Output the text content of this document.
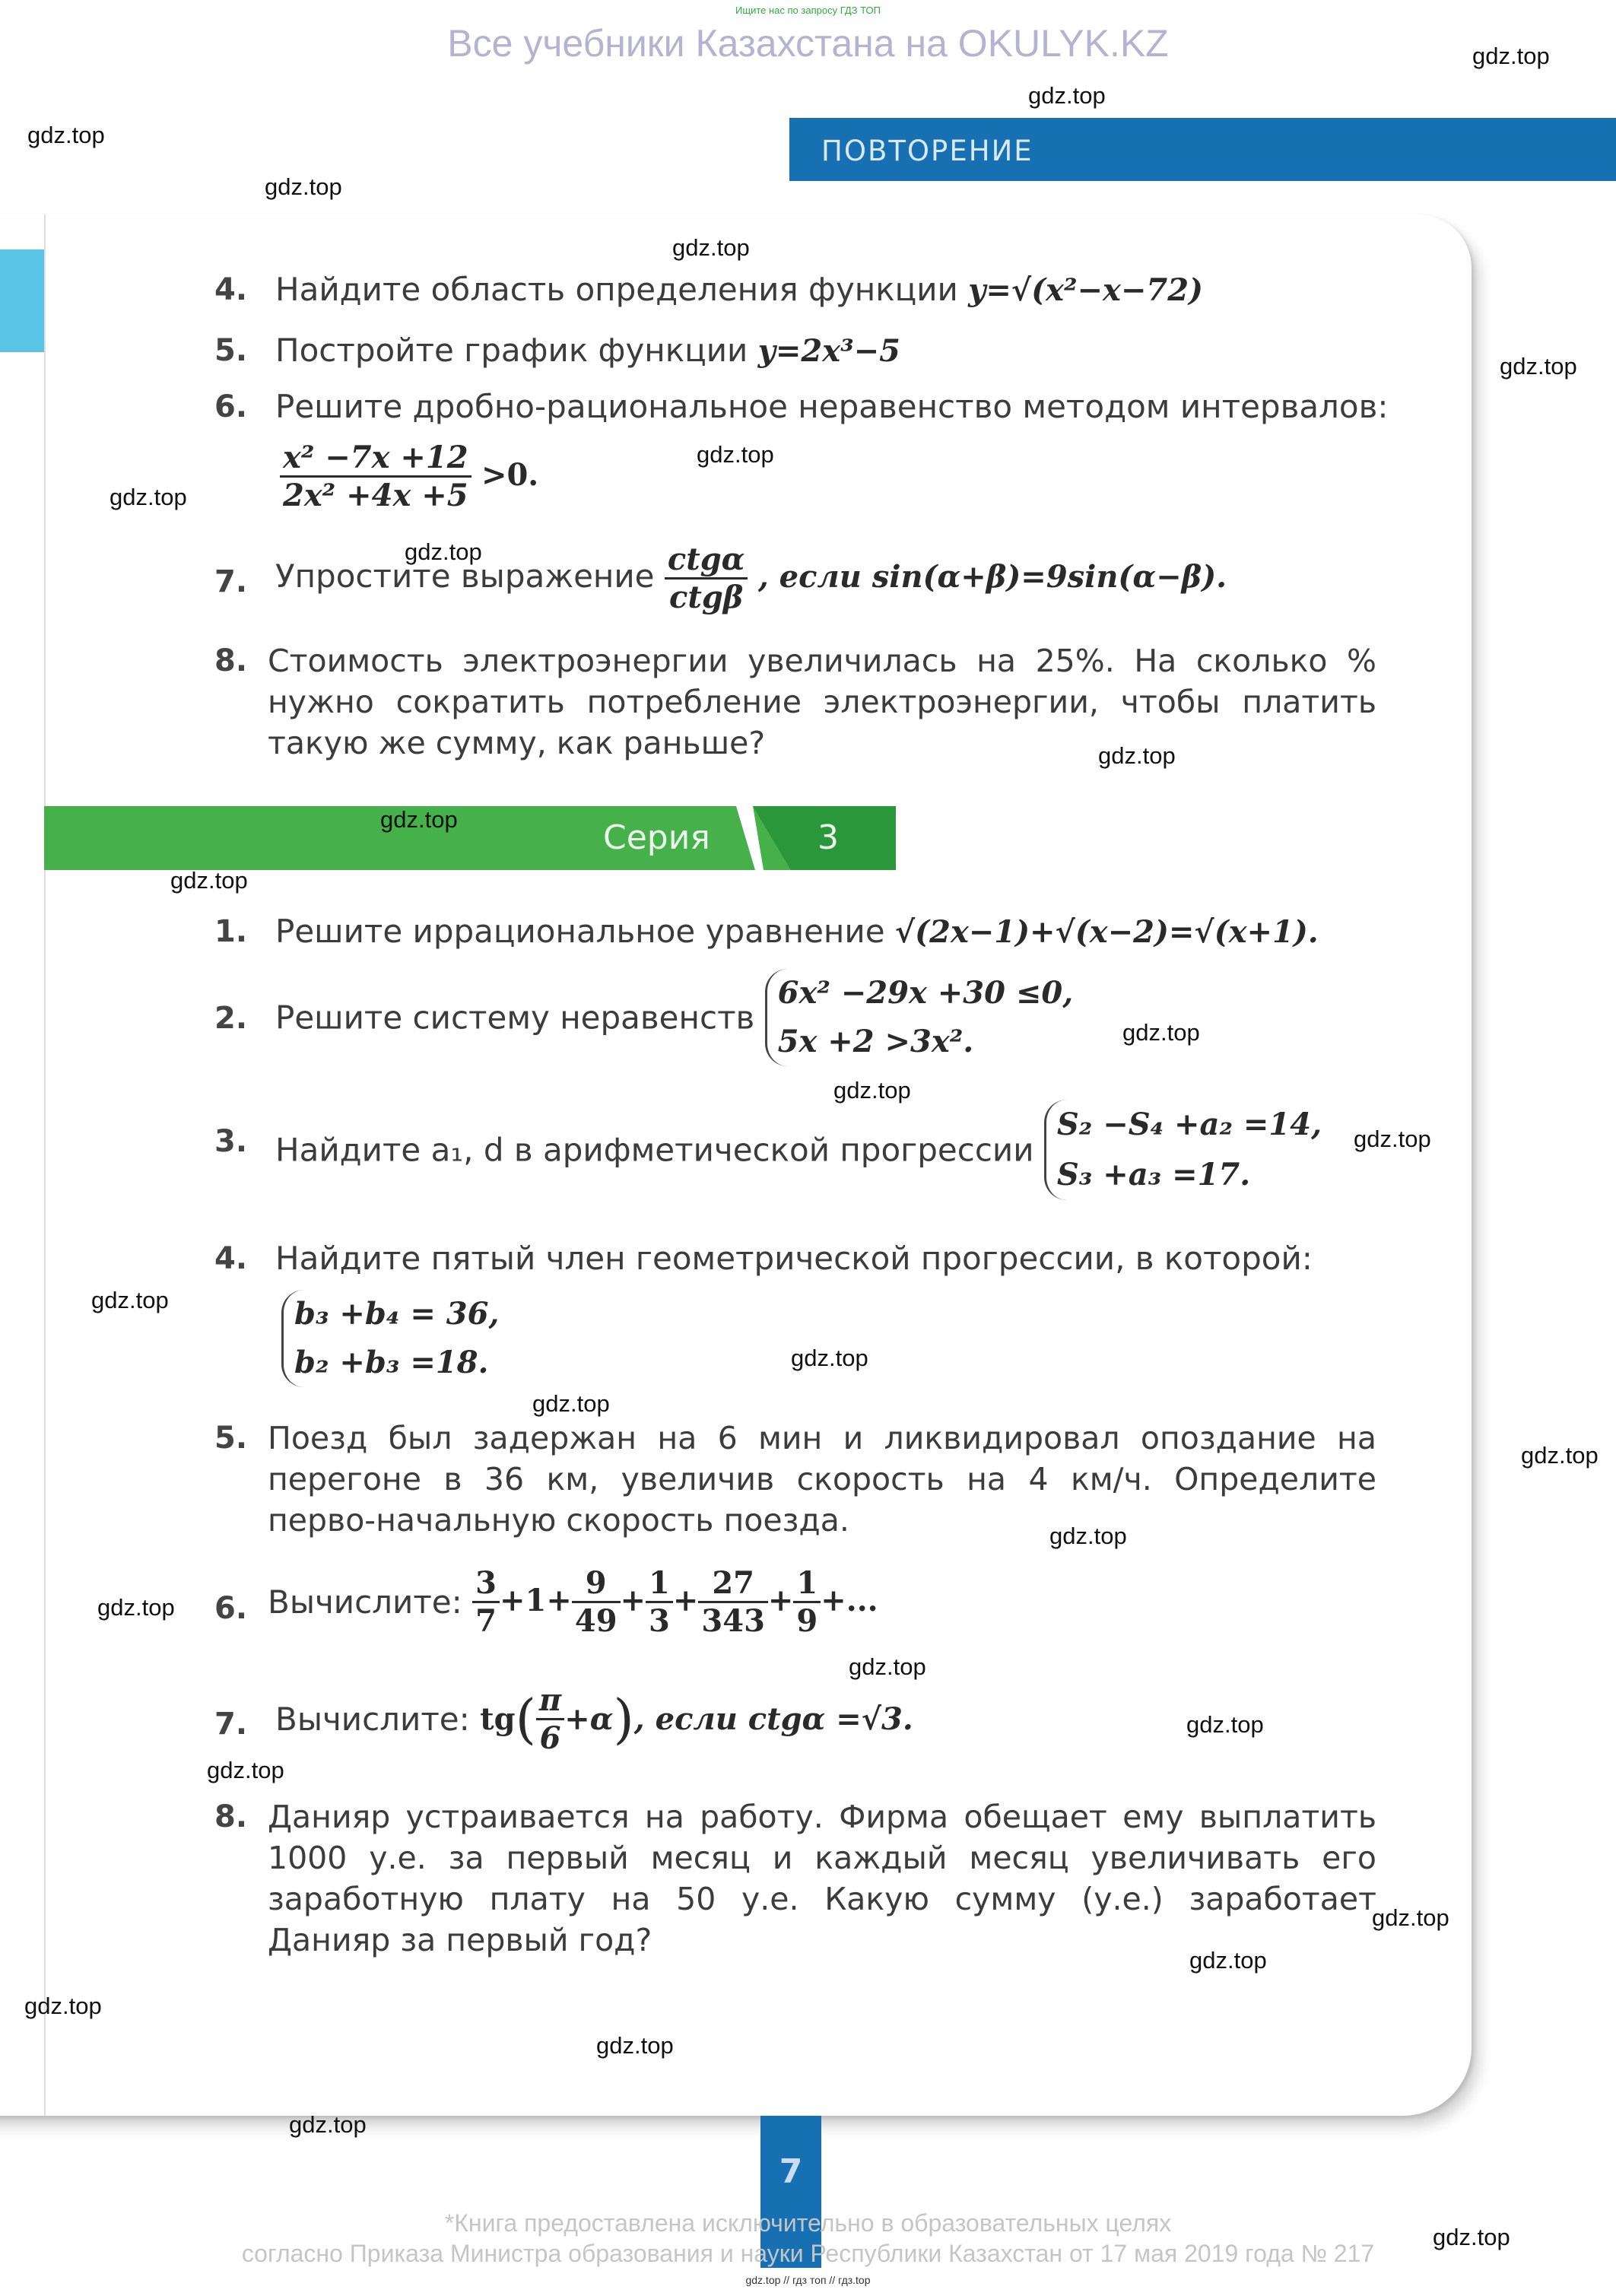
Ищите нас по запросу ГДЗ ТОП
Все учебники Казахстана на OKULYK.KZ
ПОВТОРЕНИЕ
4. Найдите область определения функции y=√(x²−x−72)
5. Постройте график функции y=2x³−5
6. Решите дробно-рациональное неравенство методом интервалов:
$\frac{\text{x² −7x +12}}{\text{2x² +4x +5}} >0$.
7. Упростите выражение $\frac{\text{ctgα}}{\text{ctgβ}}$ , если sin(α+β)=9sin(α−β).
8. Стоимость электроэнергии увеличилась на 25%. На сколько % нужно сократить потребление электроэнергии, чтобы платить такую же сумму, как раньше?
Серия	3
1. Решите иррациональное уравнение √(2x−1)+√(x−2)=√(x+1).
2. Решите систему неравенств
6x² −29x +30 ≤0,
5x +2 >3x².
3. Найдите a₁, d в арифметической прогрессии
S₂ −S₄ +a₂ =14,
S₃ +a₃ =17.
4. Найдите пятый член геометрической прогрессии, в которой:
b₃ +b₄ = 36,
b₂ +b₃ =18.
5. Поезд был задержан на 6 мин и ликвидировал опоздание на перегоне в 36 км, увеличив скорость на 4 км/ч. Определите перво-начальную скорость поезда.
6. Вычислите: $\frac{3}{7} +1+ \frac{9}{49} + \frac{1}{3} + \frac{27}{343} + \frac{1}{9}$ +...
7. Вычислите: $tg( \frac{\pi}{6} +\alpha)$, если ctgα =√3.
8. Данияр устраивается на работу. Фирма обещает ему выплатить 1000 у.е. за первый месяц и каждый месяц увеличивать его заработную плату на 50 у.е. Какую сумму (у.е.) заработает Данияр за первый год?
7
*Книга предоставлена исключительно в образовательных целях
согласно Приказа Министра образования и науки Республики Казахстан от 17 мая 2019 года № 217
gdz.top // гдз топ // гдз.top
gdz.top
gdz.top
gdz.top
gdz.top
gdz.top
gdz.top
gdz.top
gdz.top
gdz.top
gdz.top
gdz.top
gdz.top
gdz.top
gdz.top
gdz.top
gdz.top
gdz.top
gdz.top
gdz.top
gdz.top
gdz.top
gdz.top
gdz.top
gdz.top
gdz.top
gdz.top
gdz.top
gdz.top
gdz.top
gdz.top
